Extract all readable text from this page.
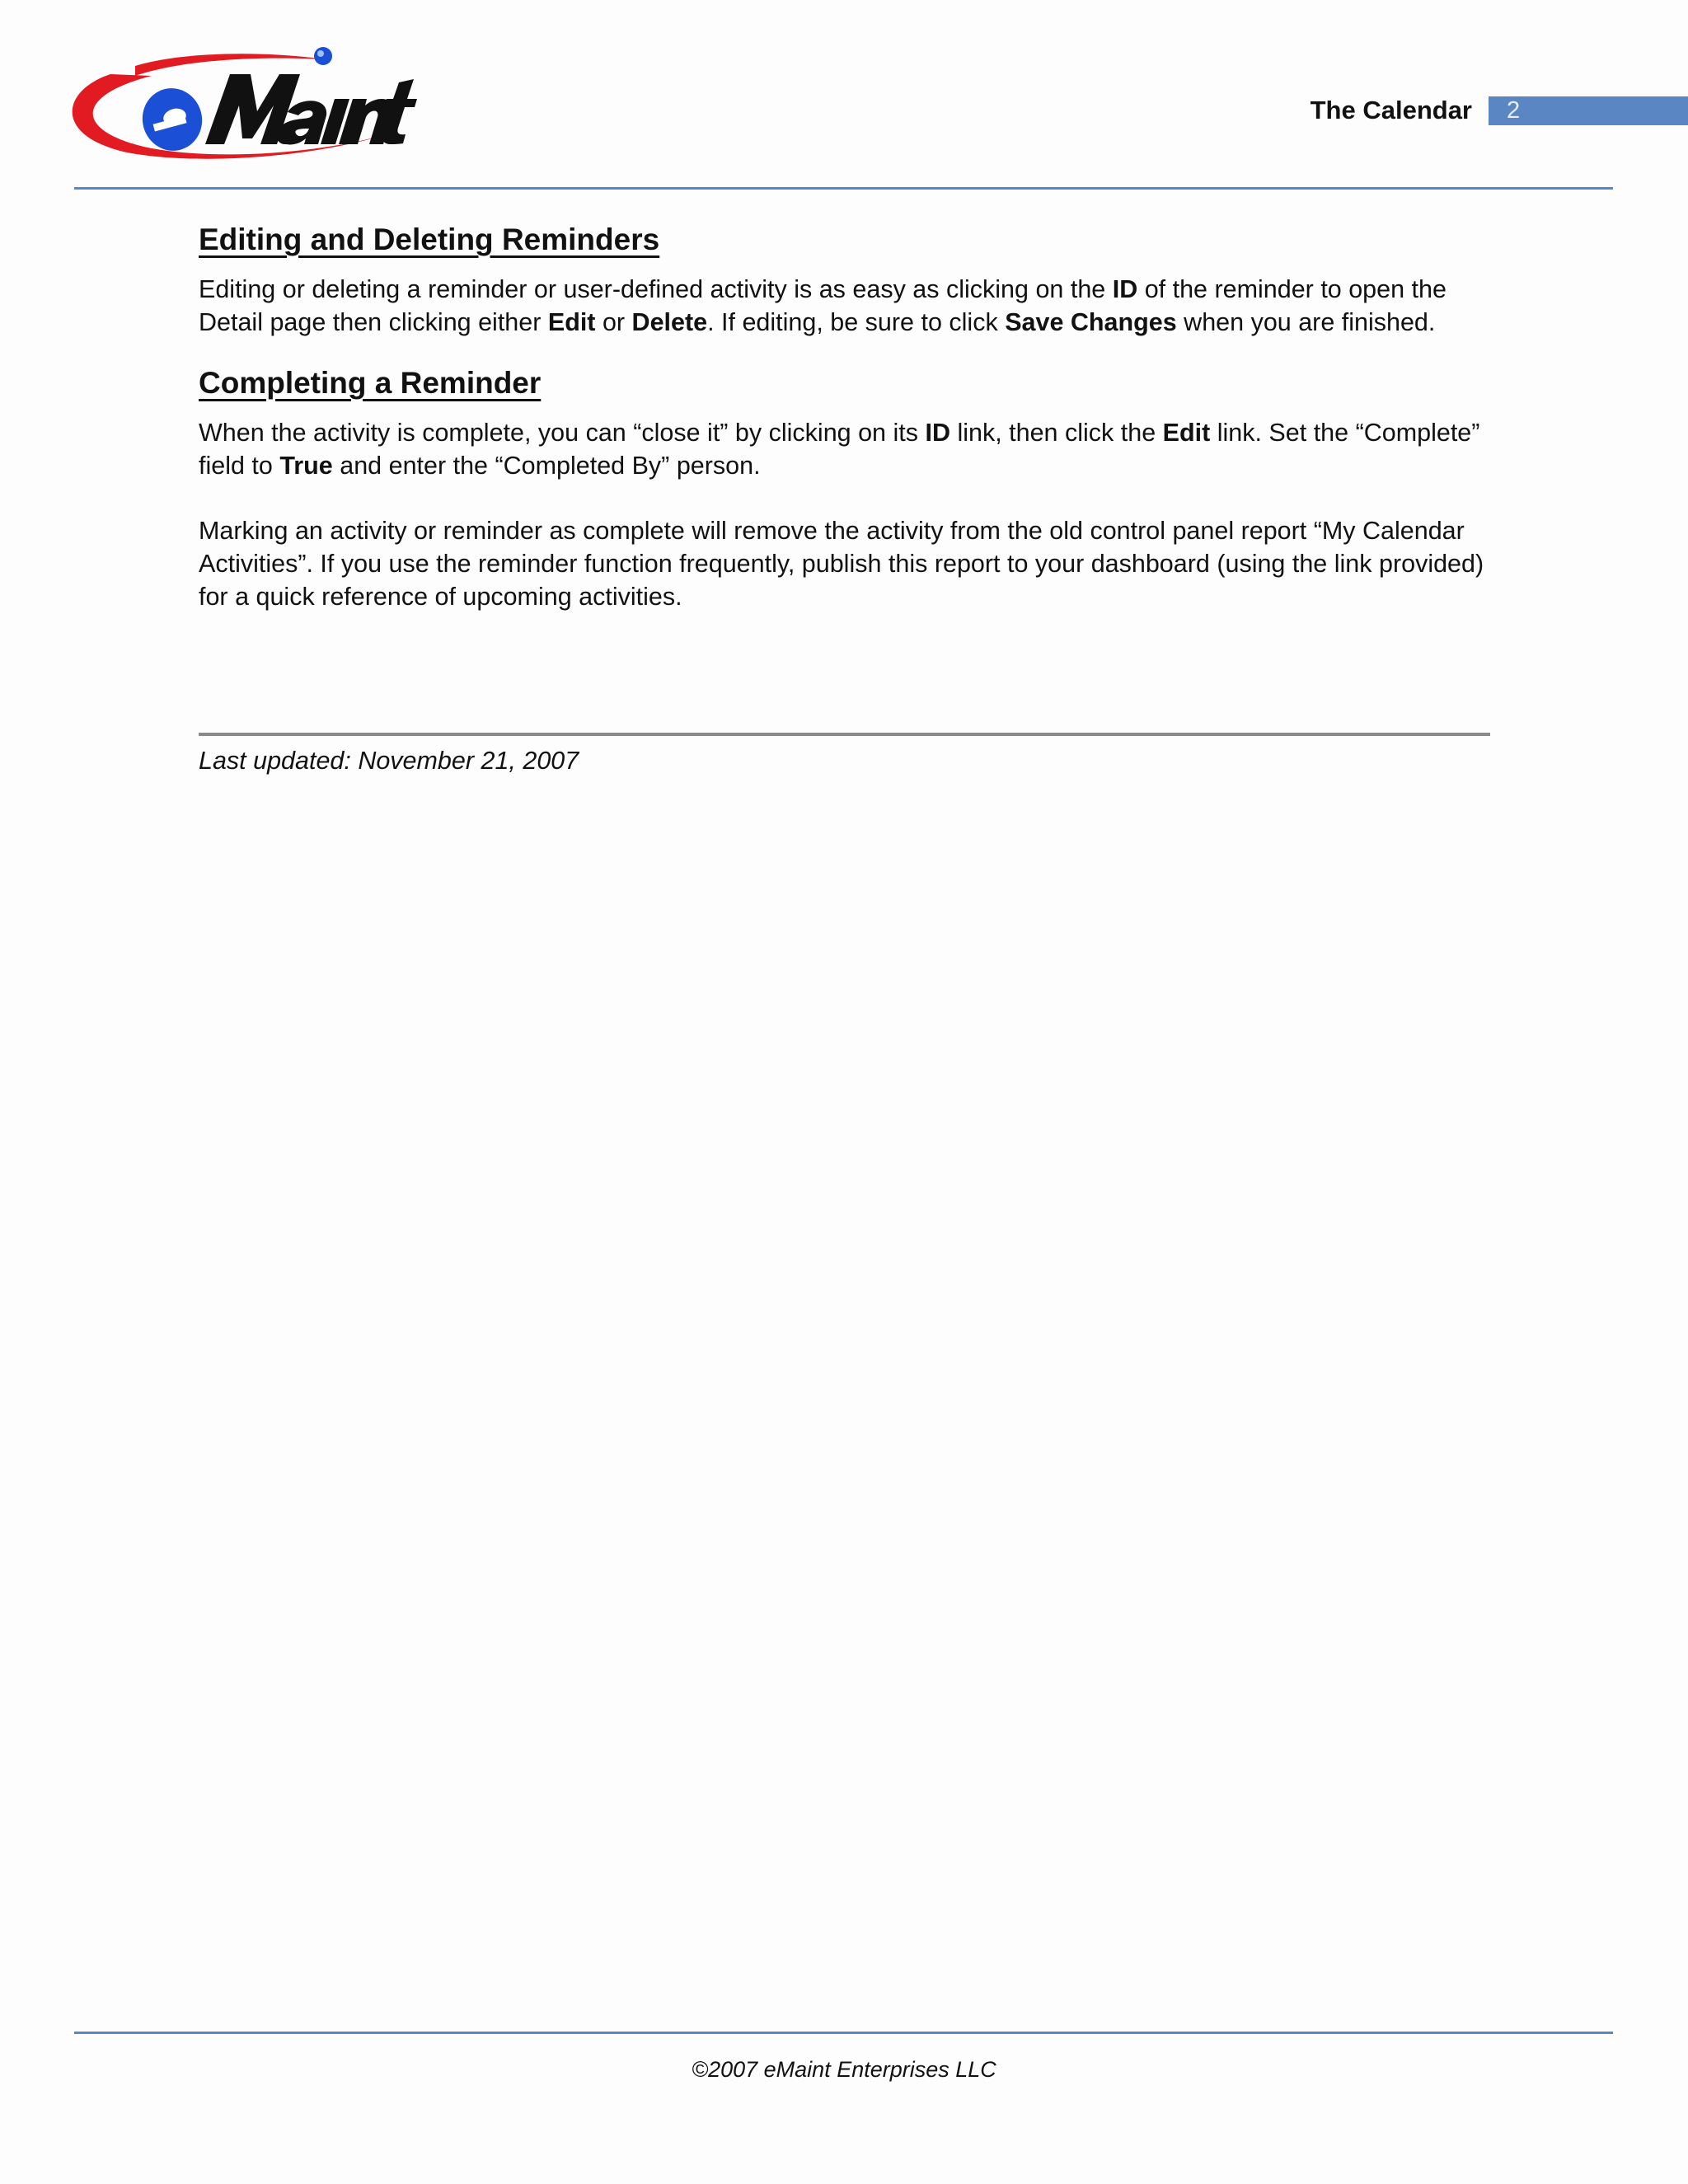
The Calendar 2
Editing and Deleting Reminders

Editing or deleting a reminder or user-defined activity is as easy as clicking on the ID of the reminder to open the Detail page then clicking either Edit or Delete. If editing, be sure to click Save Changes when you are finished.

Completing a Reminder

When the activity is complete, you can “close it” by clicking on its ID link, then click the Edit link. Set the “Complete” field to True and enter the “Completed By” person.

Marking an activity or reminder as complete will remove the activity from the old control panel report “My Calendar Activities”. If you use the reminder function frequently, publish this report to your dashboard (using the link provided) for a quick reference of upcoming activities.

Last updated: November 21, 2007
©2007 eMaint Enterprises LLC
